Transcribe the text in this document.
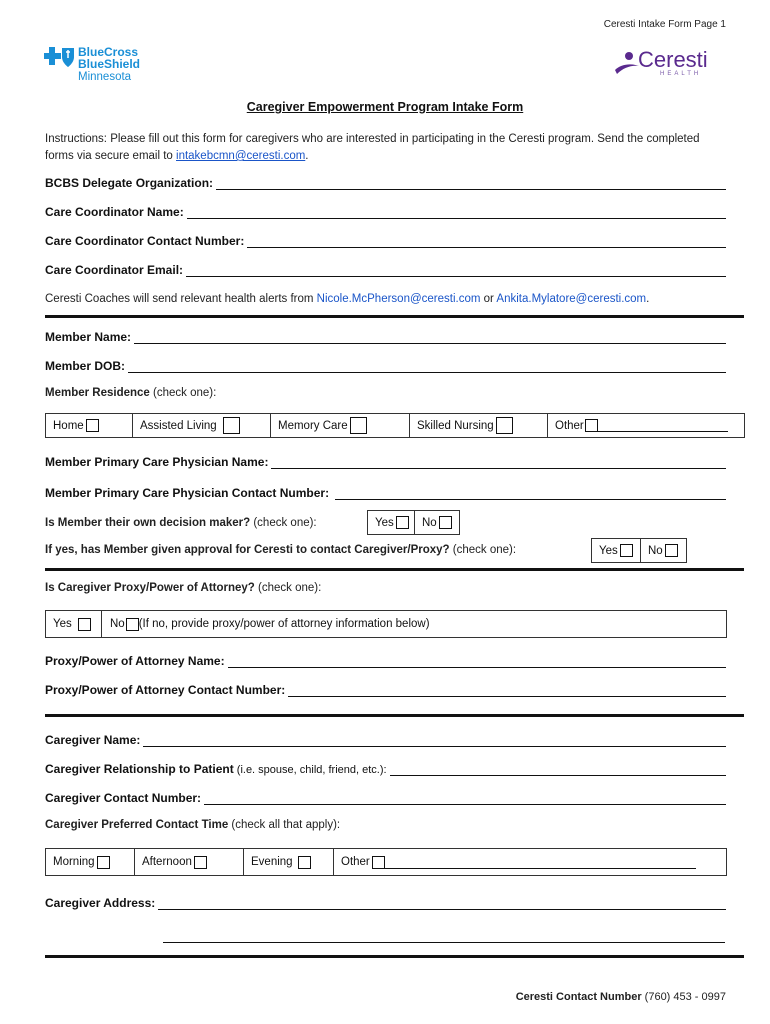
Ceresti Intake Form Page 1
BlueCross
BlueShield
Minnesota
Ceresti
HEALTH
Caregiver Empowerment Program Intake Form
Instructions: Please fill out this form for caregivers who are interested in participating in the Ceresti program. Send the completed forms via secure email to intakebcmn@ceresti.com.
BCBS Delegate Organization:
Care Coordinator Name:
Care Coordinator Contact Number:
Care Coordinator Email:
Ceresti Coaches will send relevant health alerts from Nicole.McPherson@ceresti.com or Ankita.Mylatore@ceresti.com.
Member Name:
Member DOB:
Member Residence (check one):
Home	Assisted Living	Memory Care	Skilled Nursing	Other
Member Primary Care Physician Name:
Member Primary Care Physician Contact Number:
Is Member their own decision maker? (check one):	Yes No
If yes, has Member given approval for Ceresti to contact Caregiver/Proxy? (check one):	Yes	No
Is Caregiver Proxy/Power of Attorney? (check one):
Yes	No (If no, provide proxy/power of attorney information below)
Proxy/Power of Attorney Name:
Proxy/Power of Attorney Contact Number:
Caregiver Name:
Caregiver Relationship to Patient (i.e. spouse, child, friend, etc.):
Caregiver Contact Number:
Caregiver Preferred Contact Time (check all that apply):
Morning	Afternoon	Evening	Other
Caregiver Address:
Ceresti Contact Number (760) 453 - 0997
